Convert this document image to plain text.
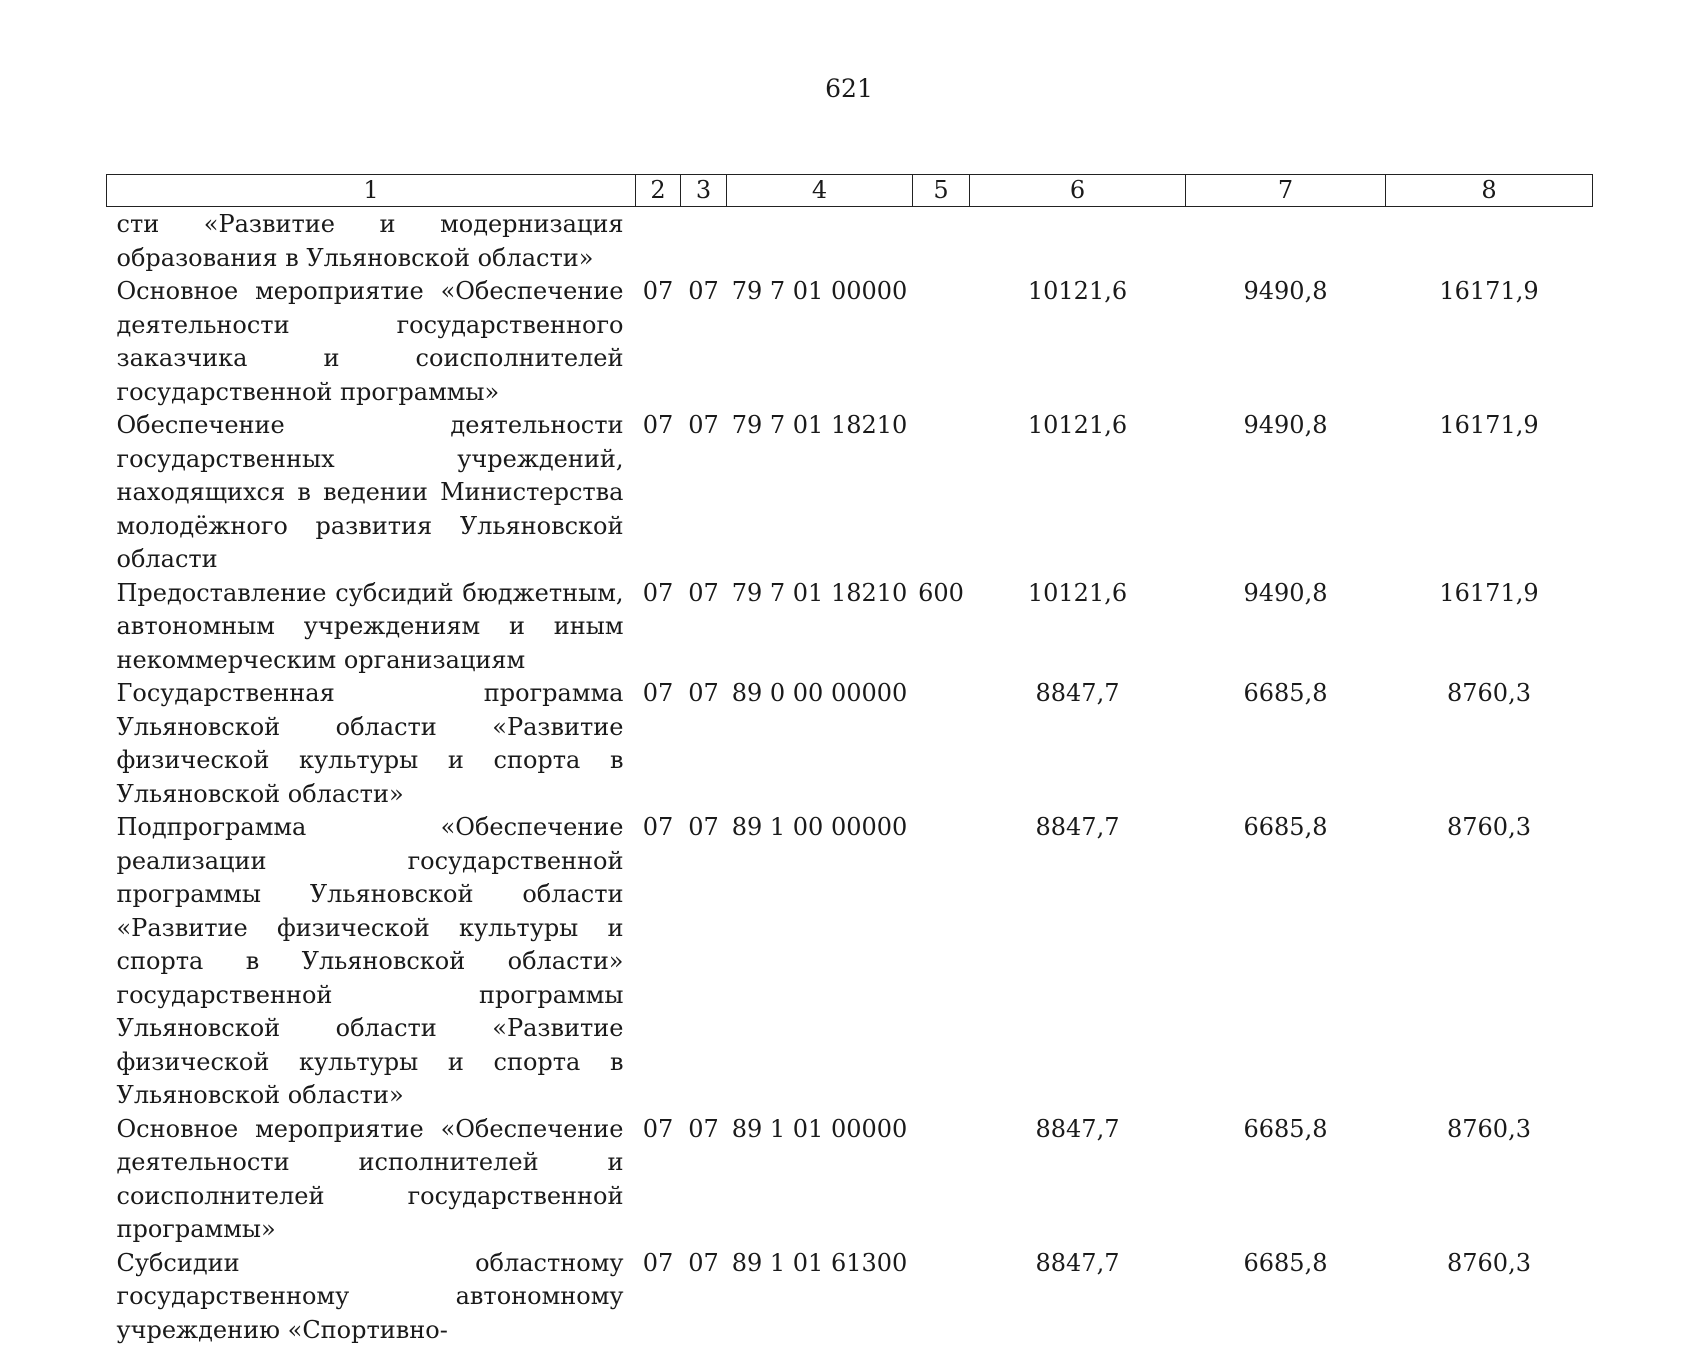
621
1	2	3	4	5	6	7	8
сти «Развитие и модернизация образования в Ульяновской области»							
Основное мероприятие «Обеспечение деятельности государственного заказчика и соисполнителей государственной программы»	07	07	79 7 01 00000		10121,6	9490,8	16171,9
Обеспечение деятельности государственных учреждений, находящихся в ведении Министерства молодёжного развития Ульяновской области	07	07	79 7 01 18210		10121,6	9490,8	16171,9
Предоставление субсидий бюджетным, автономным учреждениям и иным некоммерческим организациям	07	07	79 7 01 18210	600	10121,6	9490,8	16171,9
Государственная программа Ульяновской области «Развитие физической культуры и спорта в Ульяновской области»	07	07	89 0 00 00000		8847,7	6685,8	8760,3
Подпрограмма «Обеспечение реализации государственной программы Ульяновской области «Развитие физической культуры и спорта в Ульяновской области» государственной программы Ульяновской области «Развитие физической культуры и спорта в Ульяновской области»	07	07	89 1 00 00000		8847,7	6685,8	8760,3
Основное мероприятие «Обеспечение деятельности исполнителей и соисполнителей государственной программы»	07	07	89 1 01 00000		8847,7	6685,8	8760,3
Субсидии областному государственному автономному учреждению «Спортивно-	07	07	89 1 01 61300		8847,7	6685,8	8760,3
